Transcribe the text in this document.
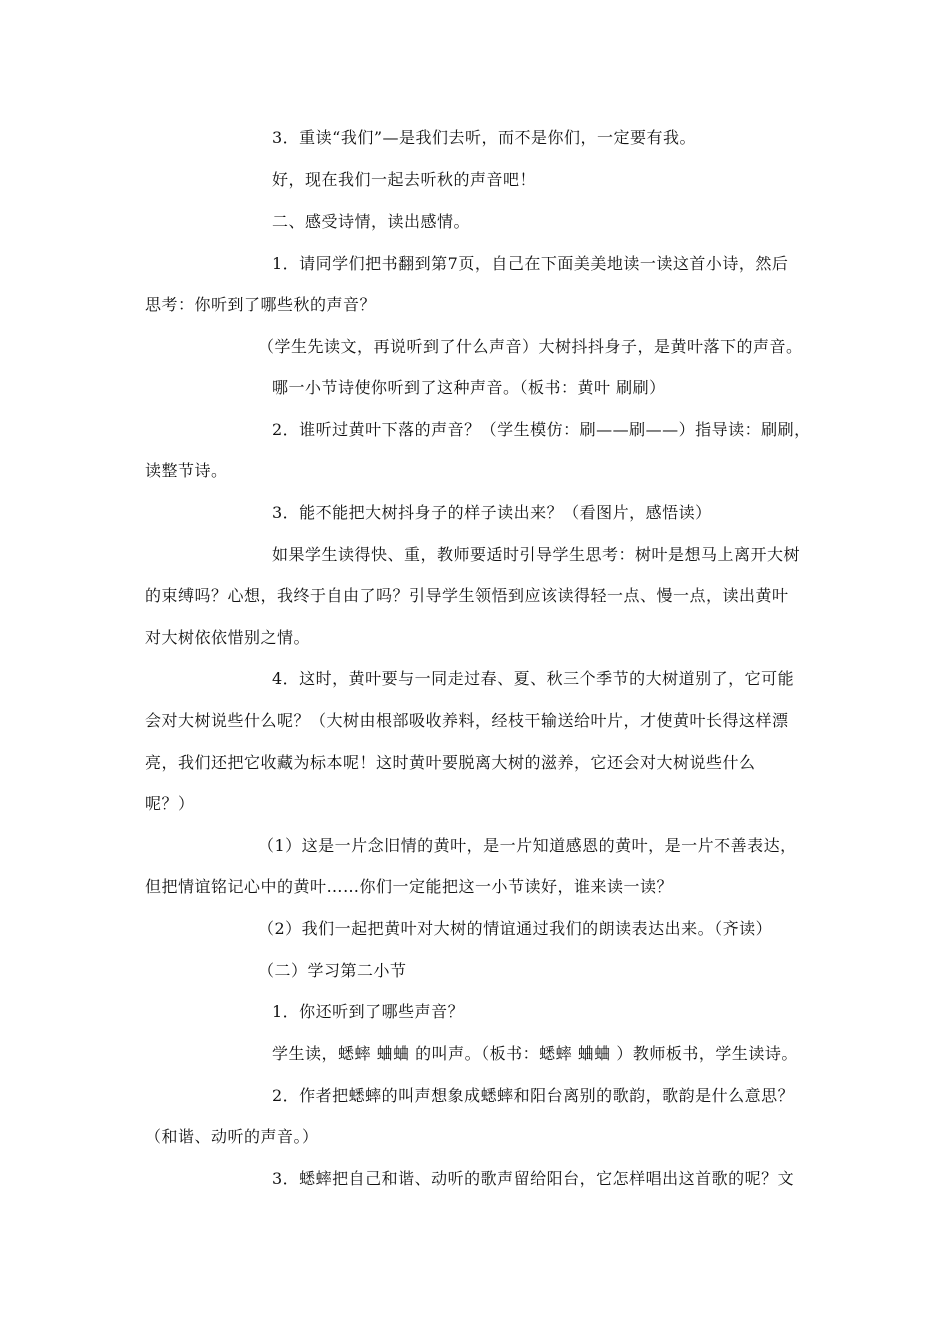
3．重读“我们”—是我们去听，而不是你们，一定要有我。
好，现在我们一起去听秋的声音吧！
二、感受诗情，读出感情。
1．请同学们把书翻到第7页，自己在下面美美地读一读这首小诗，然后
思考：你听到了哪些秋的声音？
（学生先读文，再说听到了什么声音）大树抖抖身子，是黄叶落下的声音。
哪一小节诗使你听到了这种声音。（板书：黄叶 刷刷）
2．谁听过黄叶下落的声音？（学生模仿：刷——刷——）指导读：刷刷，
读整节诗。
3．能不能把大树抖身子的样子读出来？（看图片，感悟读）
如果学生读得快、重，教师要适时引导学生思考：树叶是想马上离开大树
的束缚吗？心想，我终于自由了吗？引导学生领悟到应该读得轻一点、慢一点，读出黄叶
对大树依依惜别之情。
4．这时，黄叶要与一同走过春、夏、秋三个季节的大树道别了，它可能
会对大树说些什么呢？（大树由根部吸收养料，经枝干输送给叶片，才使黄叶长得这样漂
亮，我们还把它收藏为标本呢！这时黄叶要脱离大树的滋养，它还会对大树说些什么
呢？）
（1）这是一片念旧情的黄叶，是一片知道感恩的黄叶，是一片不善表达，
但把情谊铭记心中的黄叶……你们一定能把这一小节读好，谁来读一读？
（2）我们一起把黄叶对大树的情谊通过我们的朗读表达出来。（齐读）
（二）学习第二小节
1．你还听到了哪些声音？
学生读，蟋蟀 蛐蛐 的叫声。（板书：蟋蟀 蛐蛐 ）教师板书，学生读诗。
2．作者把蟋蟀的叫声想象成蟋蟀和阳台离别的歌韵，歌韵是什么意思？
（和谐、动听的声音。）
3．蟋蟀把自己和谐、动听的歌声留给阳台，它怎样唱出这首歌的呢？文
